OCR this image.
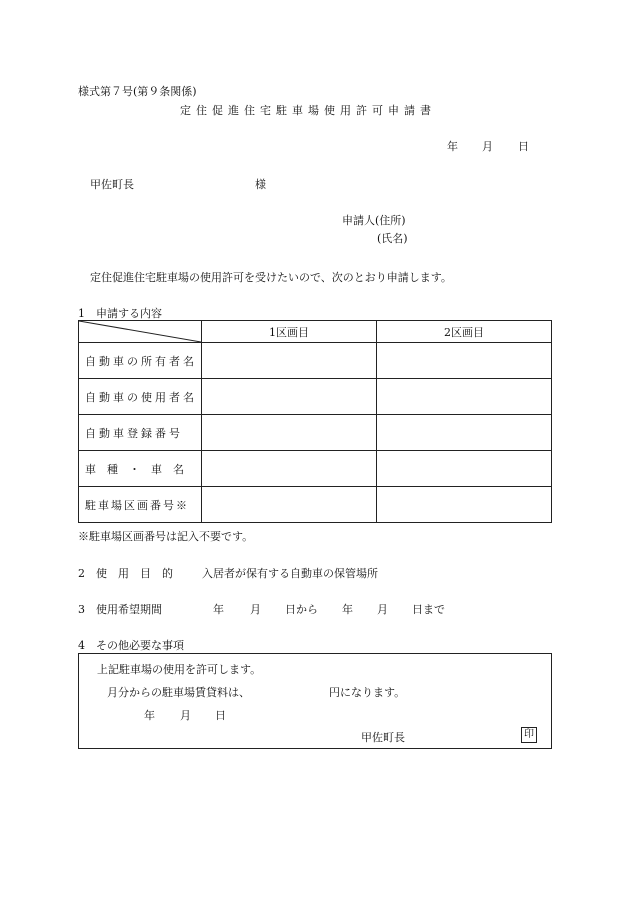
様式第７号(第９条関係)
定住促進住宅駐車場使用許可申請書
年 月 日
甲佐町長	様
申請人(住所)
(氏名)
定住促進住宅駐車場の使用許可を受けたいので、次のとおり申請します。
1　申請する内容
	1区画目	2区画目
自動車の所有者名		
自動車の使用者名		
自動車登録番号		
車　種　・　車　名		
駐車場区画番号※		
※駐車場区画番号は記入不要です。
2　使　用　目　的	入居者が保有する自動車の保管場所
3　使用希望期間	年 月 日から 年 月 日まで
4　その他必要な事項
上記駐車場の使用を許可します。
月分からの駐車場賃貸料は、	円になります。
年 月 日
甲佐町長	印
